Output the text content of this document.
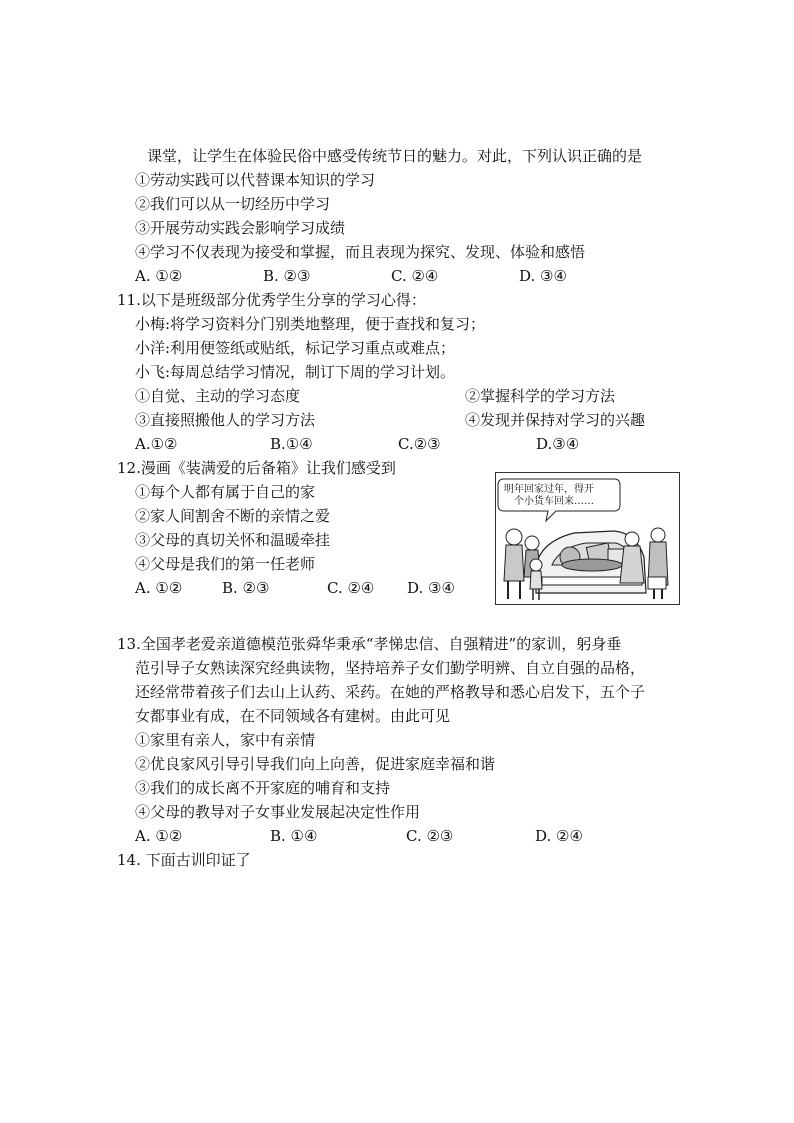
课堂，让学生在体验民俗中感受传统节日的魅力。对此，下列认识正确的是
①劳动实践可以代替课本知识的学习
②我们可以从一切经历中学习
③开展劳动实践会影响学习成绩
④学习不仅表现为接受和掌握，而且表现为探究、发现、体验和感悟
A. ①②	B. ②③	C. ②④	D. ③④
11.以下是班级部分优秀学生分享的学习心得：
小梅:将学习资料分门别类地整理，便于查找和复习；
小洋:利用便签纸或贴纸，标记学习重点或难点；
小飞:每周总结学习情况，制订下周的学习计划。
①自觉、主动的学习态度	②掌握科学的学习方法
③直接照搬他人的学习方法	④发现并保持对学习的兴趣
A.①②	B.①④	C.②③	D.③④
12.漫画《装满爱的后备箱》让我们感受到
①每个人都有属于自己的家
②家人间割舍不断的亲情之爱
③父母的真切关怀和温暖牵挂
④父母是我们的第一任老师
A. ①②	B. ②③	C. ②④ D. ③④
明年回家过年，得开
个小货车回来……
13.全国孝老爱亲道德模范张舜华秉承“孝悌忠信、自强精进”的家训，躬身垂
范引导子女熟读深究经典读物，坚持培养子女们勤学明辨、自立自强的品格，
还经常带着孩子们去山上认药、采药。在她的严格教导和悉心启发下，五个子
女都事业有成，在不同领域各有建树。由此可见
①家里有亲人，家中有亲情
②优良家风引导引导我们向上向善，促进家庭幸福和谐
③我们的成长离不开家庭的哺育和支持
④父母的教导对子女事业发展起决定性作用
A. ①②	B. ①④	C. ②③	D. ②④
14. 下面古训印证了
